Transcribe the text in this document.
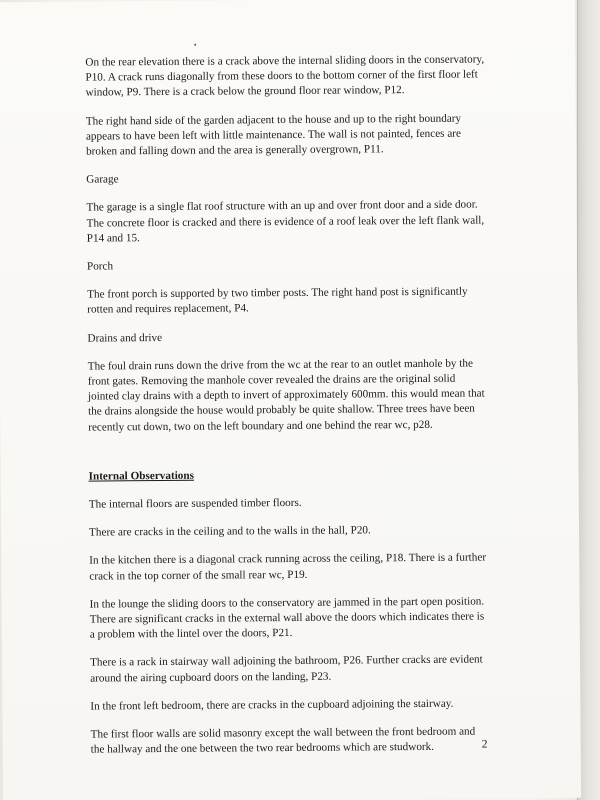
On the rear elevation there is a crack above the internal sliding doors in the conservatory, P10. A crack runs diagonally from these doors to the bottom corner of the first floor left window, P9. There is a crack below the ground floor rear window, P12.

The right hand side of the garden adjacent to the house and up to the right boundary appears to have been left with little maintenance. The wall is not painted, fences are broken and falling down and the area is generally overgrown, P11.

Garage

The garage is a single flat roof structure with an up and over front door and a side door. The concrete floor is cracked and there is evidence of a roof leak over the left flank wall, P14 and 15.

Porch

The front porch is supported by two timber posts. The right hand post is significantly rotten and requires replacement, P4.

Drains and drive

The foul drain runs down the drive from the wc at the rear to an outlet manhole by the front gates. Removing the manhole cover revealed the drains are the original solid jointed clay drains with a depth to invert of approximately 600mm. this would mean that the drains alongside the house would probably be quite shallow. Three trees have been recently cut down, two on the left boundary and one behind the rear wc, p28.

Internal Observations

The internal floors are suspended timber floors.

There are cracks in the ceiling and to the walls in the hall, P20.

In the kitchen there is a diagonal crack running across the ceiling, P18. There is a further crack in the top corner of the small rear wc, P19.

In the lounge the sliding doors to the conservatory are jammed in the part open position. There are significant cracks in the external wall above the doors which indicates there is a problem with the lintel over the doors, P21.

There is a rack in stairway wall adjoining the bathroom, P26. Further cracks are evident around the airing cupboard doors on the landing, P23.

In the front left bedroom, there are cracks in the cupboard adjoining the stairway.

The first floor walls are solid masonry except the wall between the front bedroom and the hallway and the one between the two rear bedrooms which are studwork.	2
